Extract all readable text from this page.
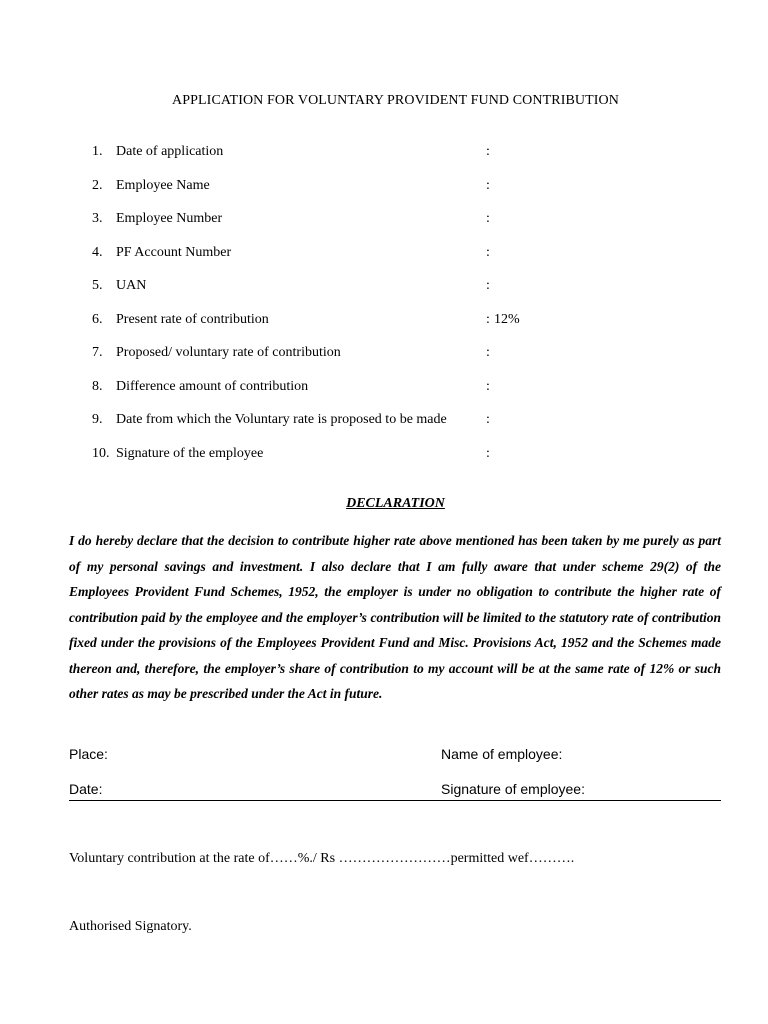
APPLICATION FOR VOLUNTARY PROVIDENT FUND CONTRIBUTION
1. Date of application	:
2. Employee Name	:
3. Employee Number	:
4. PF Account Number	:
5. UAN	:
6. Present rate of contribution	: 12%
7. Proposed/ voluntary rate of contribution	:
8. Difference amount of contribution	:
9. Date from which the Voluntary rate is proposed to be made	:
10. Signature of the employee	:
DECLARATION
I do hereby declare that the decision to contribute higher rate above mentioned has been taken by me purely as part of my personal savings and investment. I also declare that I am fully aware that under scheme 29(2) of the Employees Provident Fund Schemes, 1952, the employer is under no obligation to contribute the higher rate of contribution paid by the employee and the employer’s contribution will be limited to the statutory rate of contribution fixed under the provisions of the Employees Provident Fund and Misc. Provisions Act, 1952 and the Schemes made thereon and, therefore, the employer’s share of contribution to my account will be at the same rate of 12% or such other rates as may be prescribed under the Act in future.
Place:	Name of employee:
Date:	Signature of employee:
Voluntary contribution at the rate of……%./ Rs ……………………permitted wef……….
Authorised Signatory.
